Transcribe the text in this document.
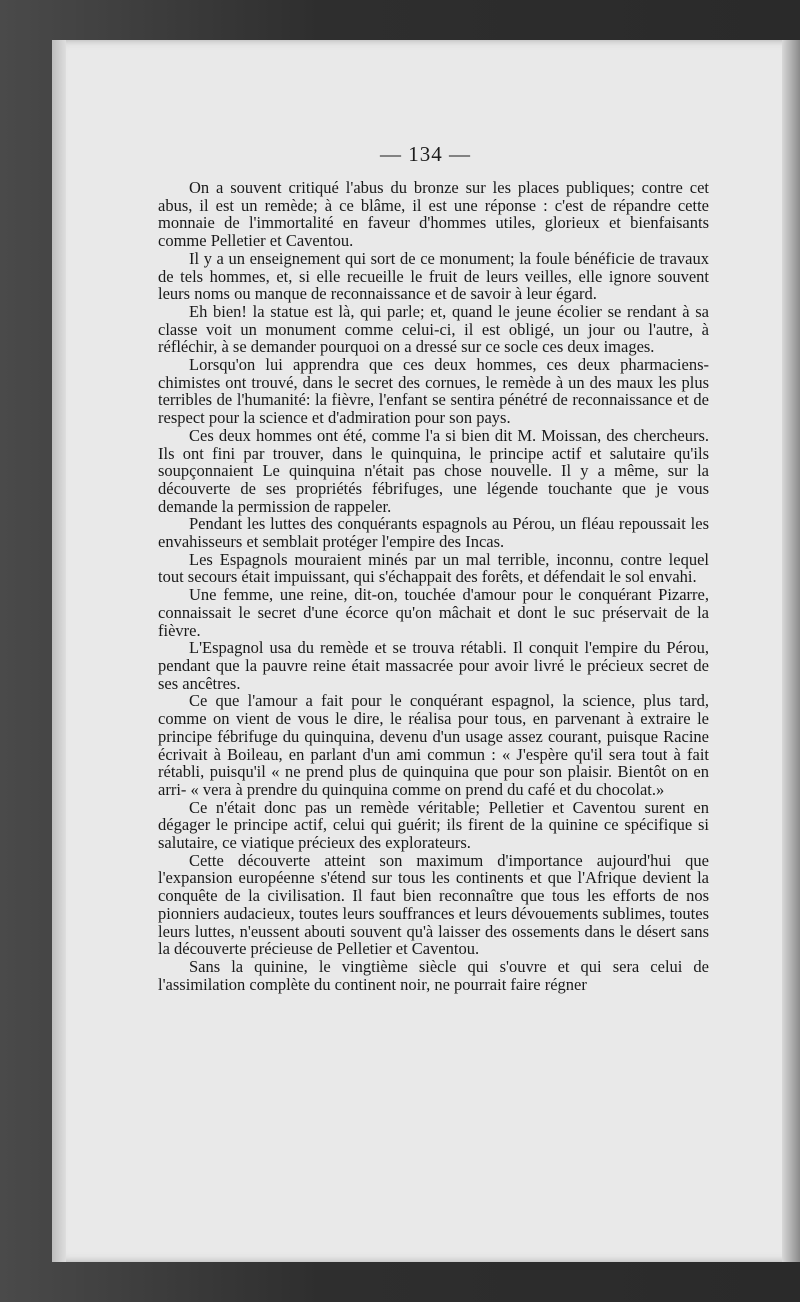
— 134 —

On a souvent critiqué l'abus du bronze sur les places publiques; contre cet abus, il est un remède; à ce blâme, il est une réponse : c'est de répandre cette monnaie de l'immortalité en faveur d'hommes utiles, glorieux et bienfaisants comme Pelletier et Caventou.

Il y a un enseignement qui sort de ce monument; la foule bénéficie de travaux de tels hommes, et, si elle recueille le fruit de leurs veilles, elle ignore souvent leurs noms ou manque de reconnaissance et de savoir à leur égard.

Eh bien! la statue est là, qui parle; et, quand le jeune écolier se rendant à sa classe voit un monument comme celui-ci, il est obligé, un jour ou l'autre, à réfléchir, à se demander pourquoi on a dressé sur ce socle ces deux images.

Lorsqu'on lui apprendra que ces deux hommes, ces deux pharmaciens-chimistes ont trouvé, dans le secret des cornues, le remède à un des maux les plus terribles de l'humanité: la fièvre, l'enfant se sentira pénétré de reconnaissance et de respect pour la science et d'admiration pour son pays.

Ces deux hommes ont été, comme l'a si bien dit M. Moissan, des chercheurs. Ils ont fini par trouver, dans le quinquina, le principe actif et salutaire qu'ils soupçonnaient Le quinquina n'était pas chose nouvelle. Il y a même, sur la découverte de ses propriétés fébrifuges, une légende touchante que je vous demande la permission de rappeler.

Pendant les luttes des conquérants espagnols au Pérou, un fléau repoussait les envahisseurs et semblait protéger l'empire des Incas.

Les Espagnols mouraient minés par un mal terrible, inconnu, contre lequel tout secours était impuissant, qui s'échappait des forêts, et défendait le sol envahi.

Une femme, une reine, dit-on, touchée d'amour pour le conquérant Pizarre, connaissait le secret d'une écorce qu'on mâchait et dont le suc préservait de la fièvre.

L'Espagnol usa du remède et se trouva rétabli. Il conquit l'empire du Pérou, pendant que la pauvre reine était massacrée pour avoir livré le précieux secret de ses ancêtres.

Ce que l'amour a fait pour le conquérant espagnol, la science, plus tard, comme on vient de vous le dire, le réalisa pour tous, en parvenant à extraire le principe fébrifuge du quinquina, devenu d'un usage assez courant, puisque Racine écrivait à Boileau, en parlant d'un ami commun : « J'espère qu'il sera tout à fait rétabli, puisqu'il « ne prend plus de quinquina que pour son plaisir. Bientôt on en arri- « vera à prendre du quinquina comme on prend du café et du chocolat.»

Ce n'était donc pas un remède véritable; Pelletier et Caventou surent en dégager le principe actif, celui qui guérit; ils firent de la quinine ce spécifique si salutaire, ce viatique précieux des explorateurs.

Cette découverte atteint son maximum d'importance aujourd'hui que l'expansion européenne s'étend sur tous les continents et que l'Afrique devient la conquête de la civilisation. Il faut bien reconnaître que tous les efforts de nos pionniers audacieux, toutes leurs souffrances et leurs dévouements sublimes, toutes leurs luttes, n'eussent abouti souvent qu'à laisser des ossements dans le désert sans la découverte précieuse de Pelletier et Caventou.

Sans la quinine, le vingtième siècle qui s'ouvre et qui sera celui de l'assimilation complète du continent noir, ne pourrait faire régner
